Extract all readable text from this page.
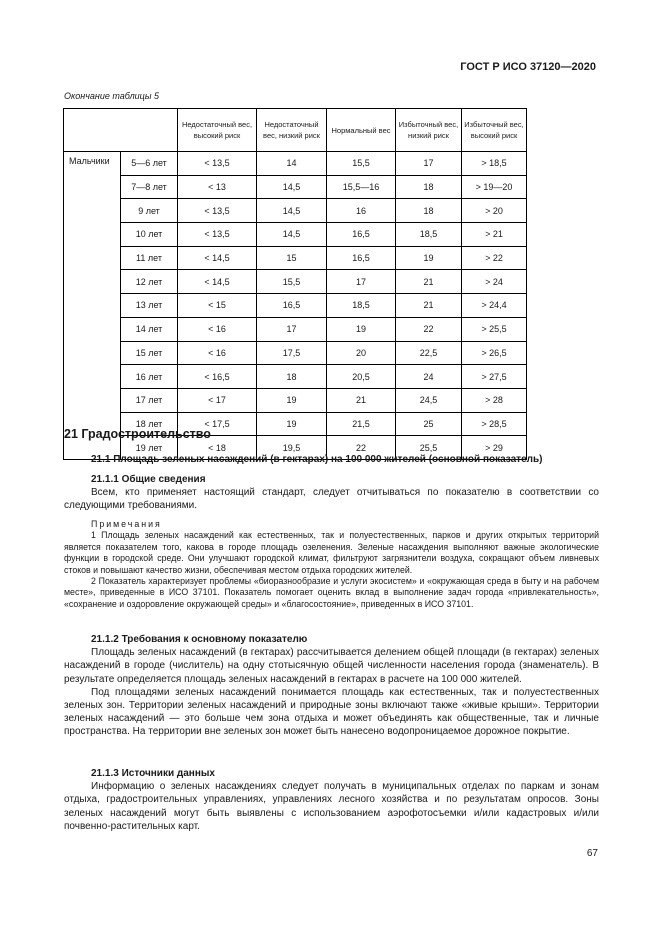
ГОСТ Р ИСО 37120—2020
Окончание таблицы 5
		Недостаточный вес, высокий риск	Недостаточный вес, низкий риск	Нормальный вес	Избыточный вес, низкий риск	Избыточный вес, высокий риск
Мальчики	5—6 лет	< 13,5	14	15,5	17	> 18,5
	7—8 лет	< 13	14,5	15,5—16	18	> 19—20
	9 лет	< 13,5	14,5	16	18	> 20
	10 лет	< 13,5	14,5	16,5	18,5	> 21
	11 лет	< 14,5	15	16,5	19	> 22
	12 лет	< 14,5	15,5	17	21	> 24
	13 лет	< 15	16,5	18,5	21	> 24,4
	14 лет	< 16	17	19	22	> 25,5
	15 лет	< 16	17,5	20	22,5	> 26,5
	16 лет	< 16,5	18	20,5	24	> 27,5
	17 лет	< 17	19	21	24,5	> 28
	18 лет	< 17,5	19	21,5	25	> 28,5
	19 лет	< 18	19,5	22	25,5	> 29

21 Градостроительство

21.1 Площадь зеленых насаждений (в гектарах) на 100 000 жителей (основной показатель)

21.1.1 Общие сведения

Всем, кто применяет настоящий стандарт, следует отчитываться по показателю в соответствии со следующими требованиями.

Примечания

1 Площадь зеленых насаждений как естественных, так и полуестественных, парков и других открытых территорий является показателем того, какова в городе площадь озеленения. Зеленые насаждения выполняют важные экологические функции в городской среде. Они улучшают городской климат, фильтруют загрязнители воздуха, сокращают объем ливневых стоков и повышают качество жизни, обеспечивая местом отдыха городских жителей.

2 Показатель характеризует проблемы «биоразнообразие и услуги экосистем» и «окружающая среда в быту и на рабочем месте», приведенные в ИСО 37101. Показатель помогает оценить вклад в выполнение задач города «привлекательность», «сохранение и оздоровление окружающей среды» и «благосостояние», приведенных в ИСО 37101.

21.1.2 Требования к основному показателю

Площадь зеленых насаждений (в гектарах) рассчитывается делением общей площади (в гектарах) зеленых насаждений в городе (числитель) на одну стотысячную общей численности населения города (знаменатель). В результате определяется площадь зеленых насаждений в гектарах в расчете на 100 000 жителей.

Под площадями зеленых насаждений понимается площадь как естественных, так и полуестественных зеленых зон. Территории зеленых насаждений и природные зоны включают также «живые крыши». Территории зеленых насаждений — это больше чем зона отдыха и может объединять как общественные, так и личные пространства. На территории вне зеленых зон может быть нанесено водопроницаемое дорожное покрытие.

21.1.3 Источники данных

Информацию о зеленых насаждениях следует получать в муниципальных отделах по паркам и зонам отдыха, градостроительных управлениях, управлениях лесного хозяйства и по результатам опросов. Зоны зеленых насаждений могут быть выявлены с использованием аэрофотосъемки и/или кадастровых и/или почвенно-растительных карт.

67
